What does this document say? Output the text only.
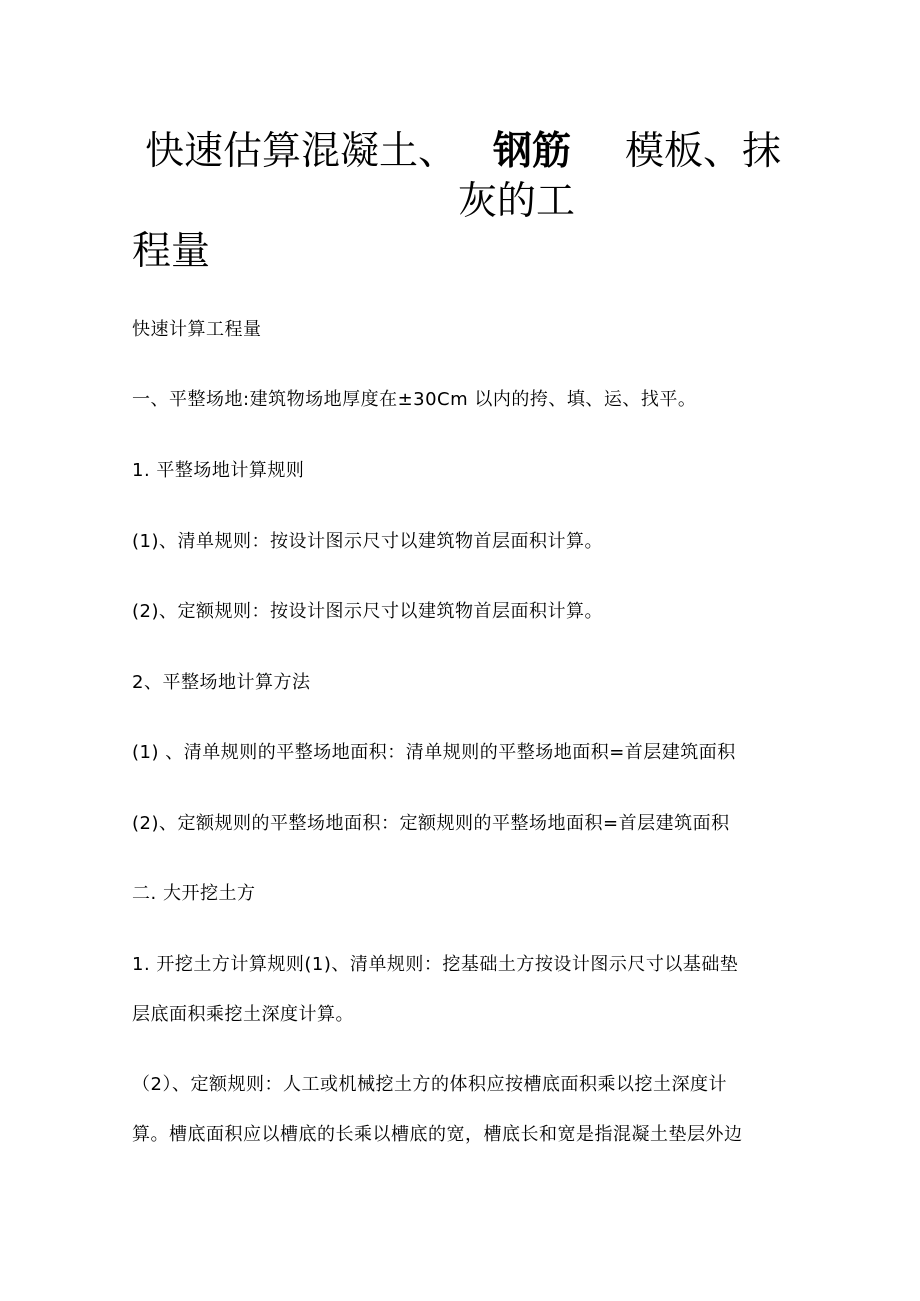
快速估算混凝土、 钢筋 模板、抹
灰的工
程量
快速计算工程量
一、平整场地:建筑物场地厚度在±30Cm 以内的挎、填、运、找平。
1. 平整场地计算规则
(1)、清单规则：按设计图示尺寸以建筑物首层面积计算。
(2)、定额规则：按设计图示尺寸以建筑物首层面积计算。
2、平整场地计算方法
(1) 、清单规则的平整场地面积：清单规则的平整场地面积=首层建筑面积
(2)、定额规则的平整场地面积：定额规则的平整场地面积=首层建筑面积
二. 大开挖土方
1. 开挖土方计算规则(1)、清单规则：挖基础土方按设计图示尺寸以基础垫
层底面积乘挖土深度计算。
（2）、定额规则：人工或机械挖土方的体积应按槽底面积乘以挖土深度计
算。槽底面积应以槽底的长乘以槽底的宽，槽底长和宽是指混凝土垫层外边
